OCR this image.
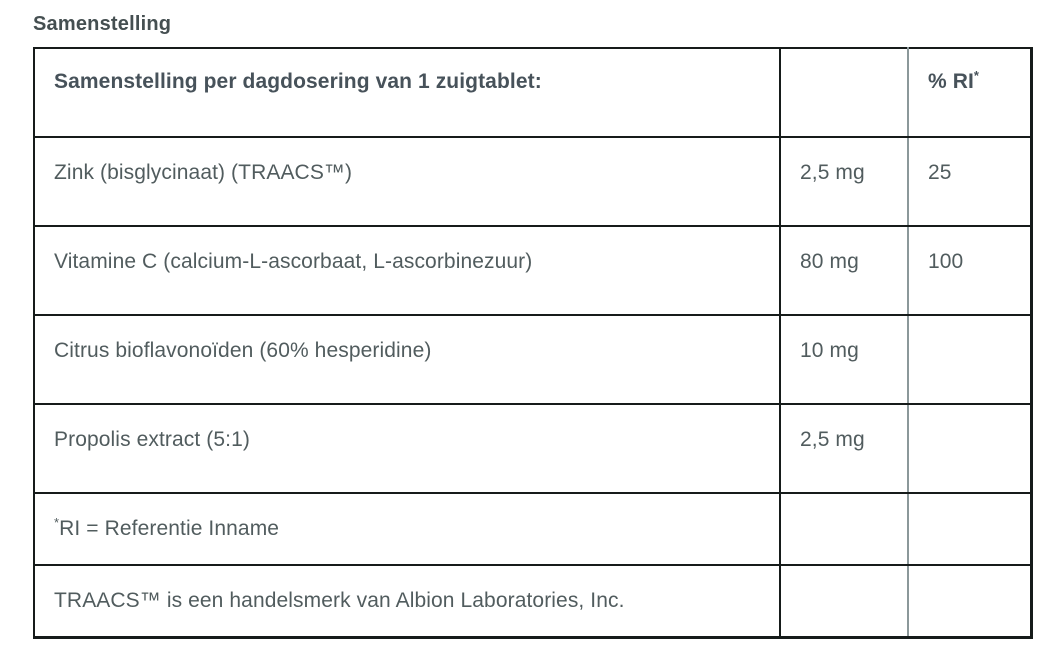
Samenstelling
Samenstelling per dagdosering van 1 zuigtablet:		% RI*
Zink (bisglycinaat) (TRAACS™)	2,5 mg	25
Vitamine C (calcium-L-ascorbaat, L-ascorbinezuur)	80 mg	100
Citrus bioflavonoïden (60% hesperidine)	10 mg	
Propolis extract (5:1)	2,5 mg	
*RI = Referentie Inname		
TRAACS™ is een handelsmerk van Albion Laboratories, Inc.		
